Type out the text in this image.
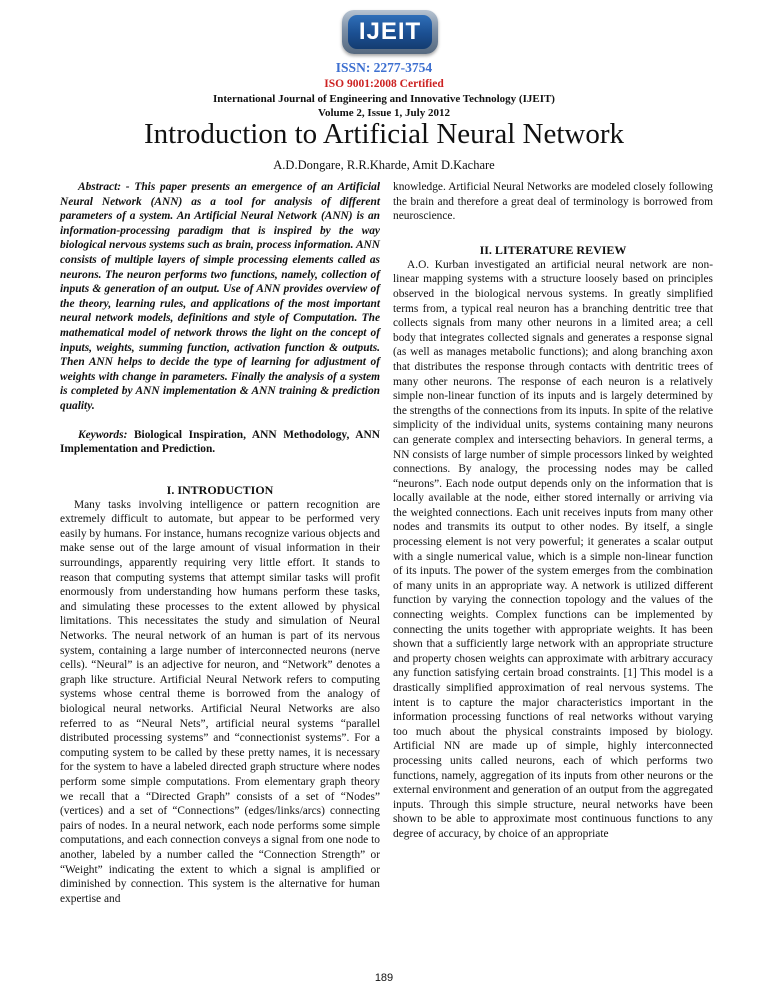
IJEIT
ISSN: 2277-3754
ISO 9001:2008 Certified
International Journal of Engineering and Innovative Technology (IJEIT)
Volume 2, Issue 1, July 2012
Introduction to Artificial Neural Network
A.D.Dongare, R.R.Kharde, Amit D.Kachare

Abstract: - This paper presents an emergence of an Artificial Neural Network (ANN) as a tool for analysis of different parameters of a system. An Artificial Neural Network (ANN) is an information-processing paradigm that is inspired by the way biological nervous systems such as brain, process information. ANN consists of multiple layers of simple processing elements called as neurons. The neuron performs two functions, namely, collection of inputs & generation of an output. Use of ANN provides overview of the theory, learning rules, and applications of the most important neural network models, definitions and style of Computation. The mathematical model of network throws the light on the concept of inputs, weights, summing function, activation function & outputs. Then ANN helps to decide the type of learning for adjustment of weights with change in parameters. Finally the analysis of a system is completed by ANN implementation & ANN training & prediction quality.

Keywords: Biological Inspiration, ANN Methodology, ANN Implementation and Prediction.

I. INTRODUCTION

Many tasks involving intelligence or pattern recognition are extremely difficult to automate, but appear to be performed very easily by humans. For instance, humans recognize various objects and make sense out of the large amount of visual information in their surroundings, apparently requiring very little effort. It stands to reason that computing systems that attempt similar tasks will profit enormously from understanding how humans perform these tasks, and simulating these processes to the extent allowed by physical limitations. This necessitates the study and simulation of Neural Networks. The neural network of an human is part of its nervous system, containing a large number of interconnected neurons (nerve cells). “Neural” is an adjective for neuron, and “Network” denotes a graph like structure. Artificial Neural Network refers to computing systems whose central theme is borrowed from the analogy of biological neural networks. Artificial Neural Networks are also referred to as “Neural Nets”, artificial neural systems “parallel distributed processing systems” and “connectionist systems”. For a computing system to be called by these pretty names, it is necessary for the system to have a labeled directed graph structure where nodes perform some simple computations. From elementary graph theory we recall that a “Directed Graph” consists of a set of “Nodes” (vertices) and a set of “Connections” (edges/links/arcs) connecting pairs of nodes. In a neural network, each node performs some simple computations, and each connection conveys a signal from one node to another, labeled by a number called the “Connection Strength” or “Weight” indicating the extent to which a signal is amplified or diminished by connection. This system is the alternative for human expertise and

knowledge. Artificial Neural Networks are modeled closely following the brain and therefore a great deal of terminology is borrowed from neuroscience.

II. LITERATURE REVIEW

A.O. Kurban investigated an artificial neural network are non-linear mapping systems with a structure loosely based on principles observed in the biological nervous systems. In greatly simplified terms from, a typical real neuron has a branching dentritic tree that collects signals from many other neurons in a limited area; a cell body that integrates collected signals and generates a response signal (as well as manages metabolic functions); and along branching axon that distributes the response through contacts with dentritic trees of many other neurons. The response of each neuron is a relatively simple non-linear function of its inputs and is largely determined by the strengths of the connections from its inputs. In spite of the relative simplicity of the individual units, systems containing many neurons can generate complex and intersecting behaviors. In general terms, a NN consists of large number of simple processors linked by weighted connections. By analogy, the processing nodes may be called “neurons”. Each node output depends only on the information that is locally available at the node, either stored internally or arriving via the weighted connections. Each unit receives inputs from many other nodes and transmits its output to other nodes. By itself, a single processing element is not very powerful; it generates a scalar output with a single numerical value, which is a simple non-linear function of its inputs. The power of the system emerges from the combination of many units in an appropriate way. A network is utilized different function by varying the connection topology and the values of the connecting weights. Complex functions can be implemented by connecting the units together with appropriate weights. It has been shown that a sufficiently large network with an appropriate structure and property chosen weights can approximate with arbitrary accuracy any function satisfying certain broad constraints. [1] This model is a drastically simplified approximation of real nervous systems. The intent is to capture the major characteristics important in the information processing functions of real networks without varying too much about the physical constraints imposed by biology. Artificial NN are made up of simple, highly interconnected processing units called neurons, each of which performs two functions, namely, aggregation of its inputs from other neurons or the external environment and generation of an output from the aggregated inputs. Through this simple structure, neural networks have been shown to be able to approximate most continuous functions to any degree of accuracy, by choice of an appropriate

189
